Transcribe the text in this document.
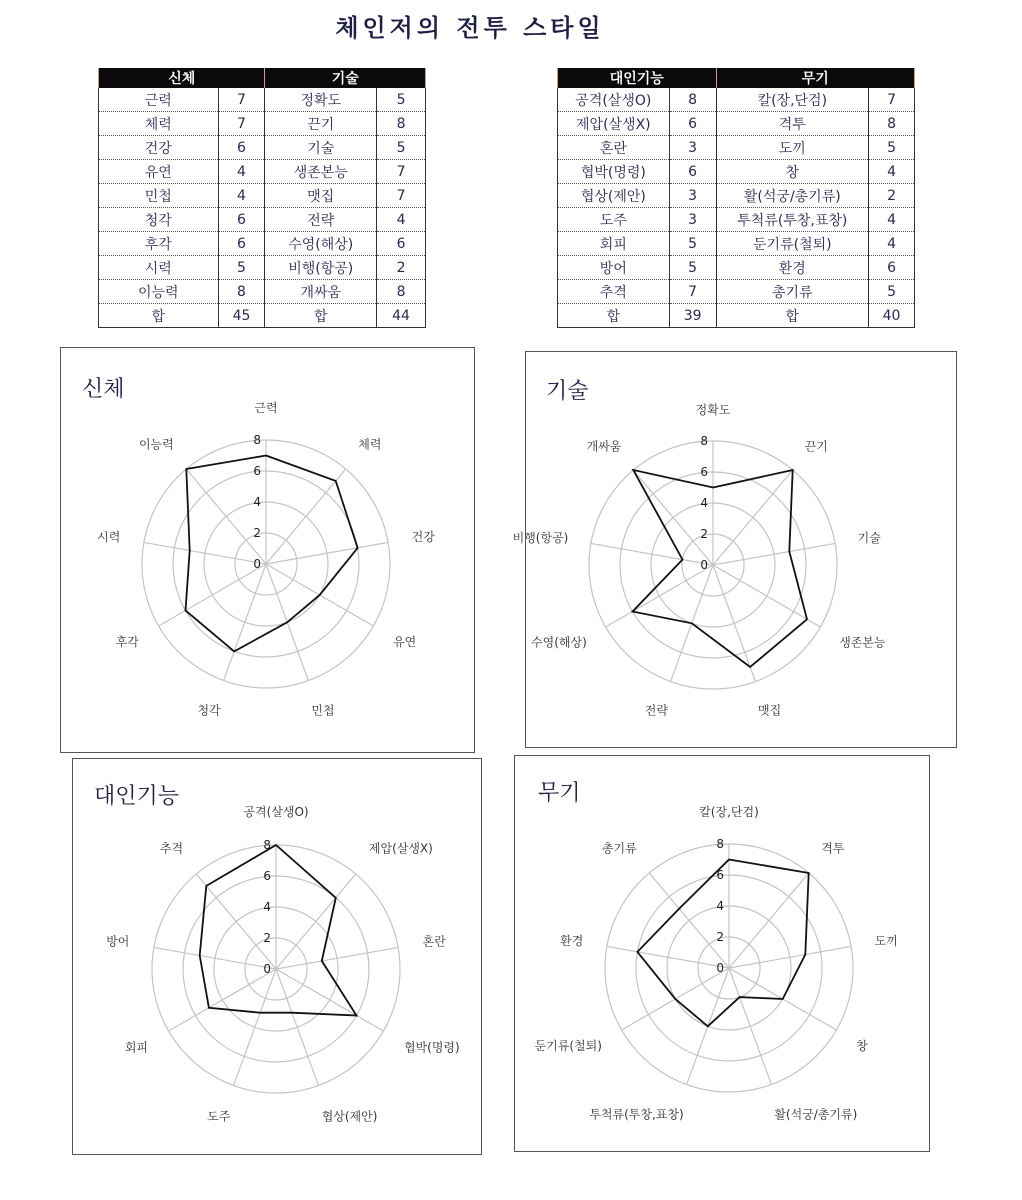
체인저의 전투 스타일
신체		기술	
근력	7	정확도	5
체력	7	끈기	8
건강	6	기술	5
유연	4	생존본능	7
민첩	4	맷집	7
청각	6	전략	4
후각	6	수영(해상)	6
시력	5	비행(항공)	2
이능력	8	개싸움	8
합	45	합	44
대인기능		무기	
공격(살생O)	8	칼(장,단검)	7
제압(살생X)	6	격투	8
혼란	3	도끼	5
협박(명령)	6	창	4
협상(제안)	3	활(석궁/총기류)	2
도주	3	투척류(투창,표창)	4
회피	5	둔기류(철퇴)	4
방어	5	환경	6
추격	7	총기류	5
합	39	합	40
신체
0
2
4
6
8
근력
체력
건강
유연
민첩
청각
후각
시력
이능력
기술
0
2
4
6
8
정확도
끈기
기술
생존본능
맷집
전략
수영(해상)
비행(항공)
개싸움
대인기능
0
2
4
6
8
공격(살생O)
제압(살생X)
혼란
협박(명령)
협상(제안)
도주
회피
방어
추격
무기
0
2
4
6
8
칼(장,단검)
격투
도끼
창
활(석궁/총기류)
투척류(투창,표창)
둔기류(철퇴)
환경
총기류
